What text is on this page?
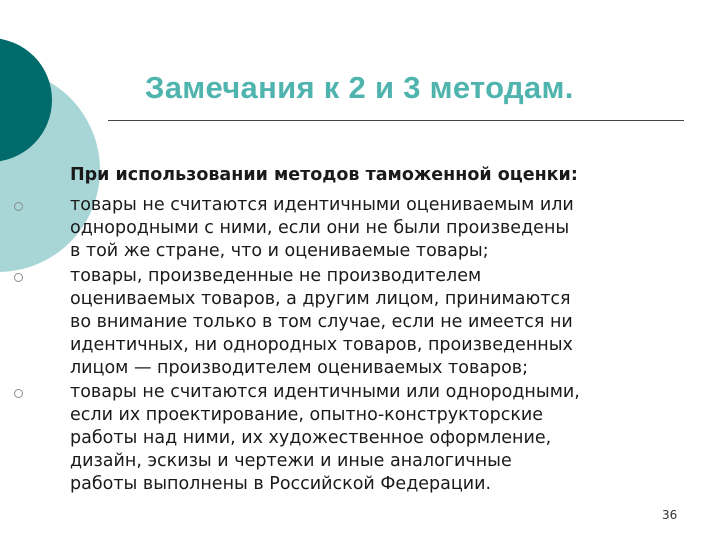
Замечания к 2 и 3 методам.
При использовании методов таможенной оценки:
товары не считаются идентичными оцениваемым или
однородными с ними, если они не были произведены
в той же стране, что и оцениваемые товары;
товары, произведенные не производителем
оцениваемых товаров, а другим лицом, принимаются
во внимание только в том случае, если не имеется ни
идентичных, ни однородных товаров, произведенных
лицом — производителем оцениваемых товаров;
товары не считаются идентичными или однородными,
если их проектирование, опытно-конструкторские
работы над ними, их художественное оформление,
дизайн, эскизы и чертежи и иные аналогичные
работы выполнены в Российской Федерации.
36
